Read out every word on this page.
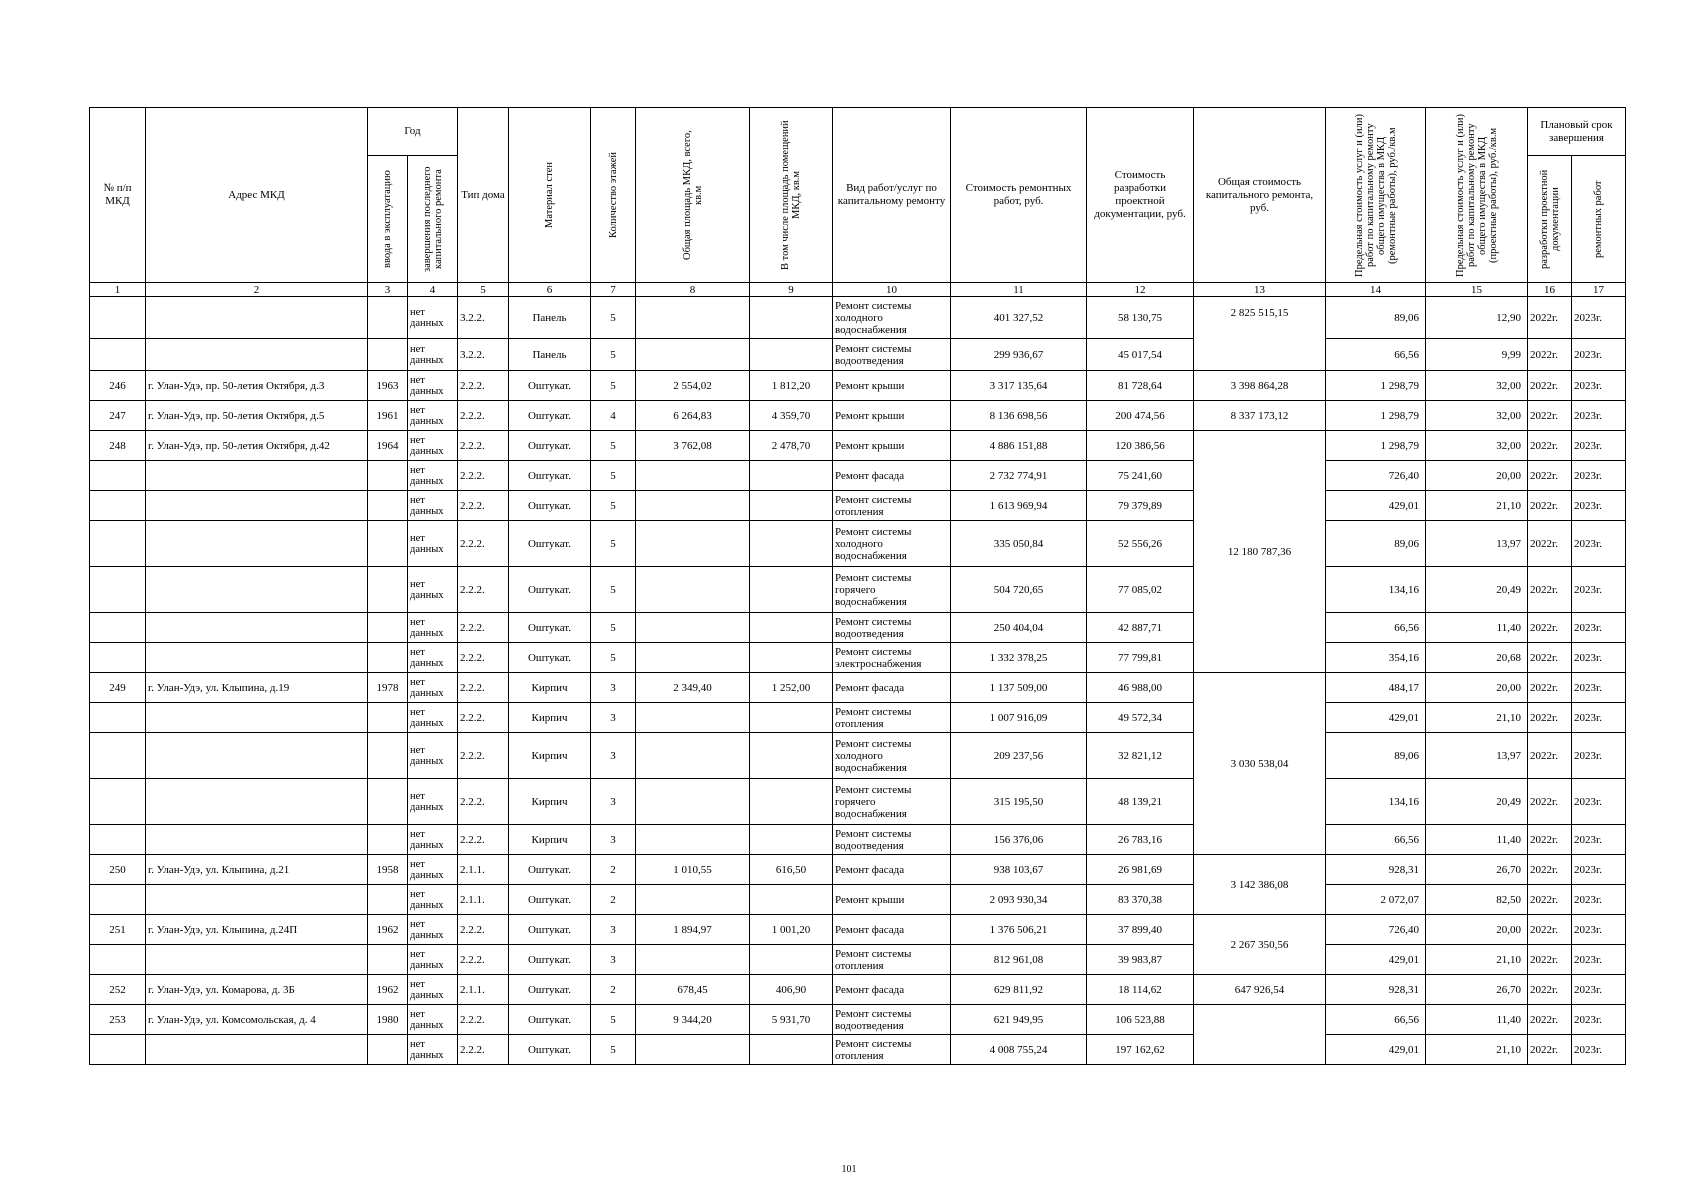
№ п/п МКД	Адрес МКД	Год		Тип дома	Материал стен	Количество этажей	Общая площадь МКД, всего, кв.м	В том числе площадь помещений МКД, кв.м	Вид работ/услуг по капитальному ремонту	Стоимость ремонтных работ, руб.	Стоимость разработки проектной документации, руб.	Общая стоимость капитального ремонта, руб.	Предельная стоимость услуг и (или) работ по капитальному ремонту общего имущества в МКД (ремонтные работы), руб./кв.м	Предельная стоимость услуг и (или) работ по капитальному ремонту общего имущества в МКД (проектные работы), руб./кв.м	Плановый срок завершения	

		ввода в эксплуатацию	завершения последнего капитального ремонта												разработки проектной документации	ремонтных работ

1	2	3	4	5	6	7	8	9	10	11	12	13	14	15	16	17
			нет данных	3.2.2.	Панель	5			Ремонт системы холодного водоснабжения	401 327,52	58 130,75	2 825 515,15	89,06	12,90	2022г.	2023г.
			нет данных	3.2.2.	Панель	5			Ремонт системы водоотведения	299 936,67	45 017,54		66,56	9,99	2022г.	2023г.
246	г. Улан-Удэ, пр. 50-летия Октября, д.3	1963	нет данных	2.2.2.	Оштукат.	5	2 554,02	1 812,20	Ремонт крыши	3 317 135,64	81 728,64	3 398 864,28	1 298,79	32,00	2022г.	2023г.
247	г. Улан-Удэ, пр. 50-летия Октября, д.5	1961	нет данных	2.2.2.	Оштукат.	4	6 264,83	4 359,70	Ремонт крыши	8 136 698,56	200 474,56	8 337 173,12	1 298,79	32,00	2022г.	2023г.
248	г. Улан-Удэ, пр. 50-летия Октября, д.42	1964	нет данных	2.2.2.	Оштукат.	5	3 762,08	2 478,70	Ремонт крыши	4 886 151,88	120 386,56	12 180 787,36	1 298,79	32,00	2022г.	2023г.
			нет данных	2.2.2.	Оштукат.	5			Ремонт фасада	2 732 774,91	75 241,60		726,40	20,00	2022г.	2023г.
			нет данных	2.2.2.	Оштукат.	5			Ремонт системы отопления	1 613 969,94	79 379,89		429,01	21,10	2022г.	2023г.
			нет данных	2.2.2.	Оштукат.	5			Ремонт системы холодного водоснабжения	335 050,84	52 556,26		89,06	13,97	2022г.	2023г.
			нет данных	2.2.2.	Оштукат.	5			Ремонт системы горячего водоснабжения	504 720,65	77 085,02		134,16	20,49	2022г.	2023г.
			нет данных	2.2.2.	Оштукат.	5			Ремонт системы водоотведения	250 404,04	42 887,71		66,56	11,40	2022г.	2023г.
			нет данных	2.2.2.	Оштукат.	5			Ремонт системы электроснабжения	1 332 378,25	77 799,81		354,16	20,68	2022г.	2023г.
249	г. Улан-Удэ, ул. Клыпина, д.19	1978	нет данных	2.2.2.	Кирпич	3	2 349,40	1 252,00	Ремонт фасада	1 137 509,00	46 988,00	3 030 538,04	484,17	20,00	2022г.	2023г.
			нет данных	2.2.2.	Кирпич	3			Ремонт системы отопления	1 007 916,09	49 572,34		429,01	21,10	2022г.	2023г.
			нет данных	2.2.2.	Кирпич	3			Ремонт системы холодного водоснабжения	209 237,56	32 821,12		89,06	13,97	2022г.	2023г.
			нет данных	2.2.2.	Кирпич	3			Ремонт системы горячего водоснабжения	315 195,50	48 139,21		134,16	20,49	2022г.	2023г.
			нет данных	2.2.2.	Кирпич	3			Ремонт системы водоотведения	156 376,06	26 783,16		66,56	11,40	2022г.	2023г.
250	г. Улан-Удэ, ул. Клыпина, д.21	1958	нет данных	2.1.1.	Оштукат.	2	1 010,55	616,50	Ремонт фасада	938 103,67	26 981,69	3 142 386,08	928,31	26,70	2022г.	2023г.
			нет данных	2.1.1.	Оштукат.	2			Ремонт крыши	2 093 930,34	83 370,38		2 072,07	82,50	2022г.	2023г.
251	г. Улан-Удэ, ул. Клыпина, д.24П	1962	нет данных	2.2.2.	Оштукат.	3	1 894,97	1 001,20	Ремонт фасада	1 376 506,21	37 899,40	2 267 350,56	726,40	20,00	2022г.	2023г.
			нет данных	2.2.2.	Оштукат.	3			Ремонт системы отопления	812 961,08	39 983,87		429,01	21,10	2022г.	2023г.
252	г. Улан-Удэ, ул. Комарова, д. 3Б	1962	нет данных	2.1.1.	Оштукат.	2	678,45	406,90	Ремонт фасада	629 811,92	18 114,62	647 926,54	928,31	26,70	2022г.	2023г.
253	г. Улан-Удэ, ул. Комсомольская, д. 4	1980	нет данных	2.2.2.	Оштукат.	5	9 344,20	5 931,70	Ремонт системы водоотведения	621 949,95	106 523,88		66,56	11,40	2022г.	2023г.
			нет данных	2.2.2.	Оштукат.	5			Ремонт системы отопления	4 008 755,24	197 162,62		429,01	21,10	2022г.	2023г.
101
